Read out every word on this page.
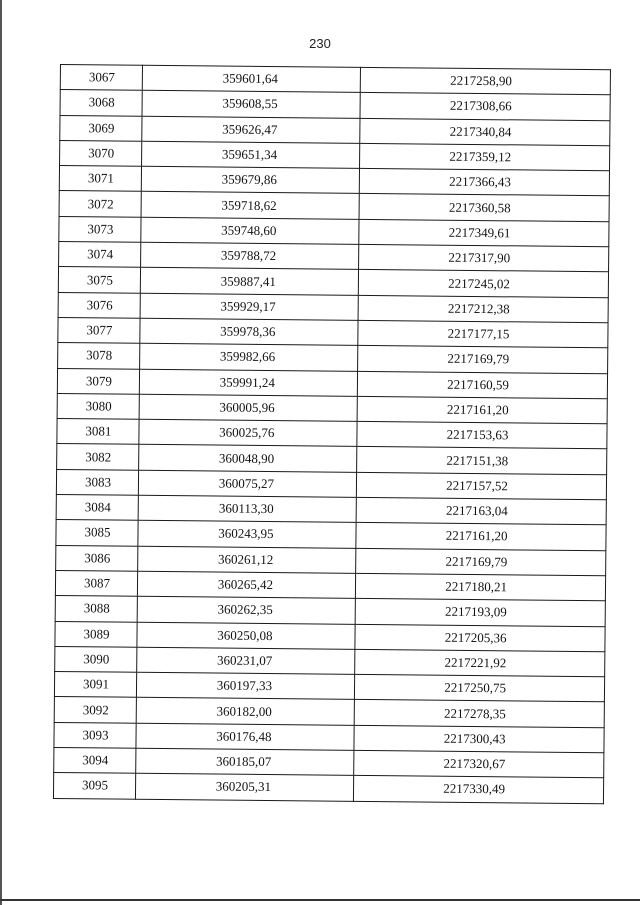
230
3067	359601,64	2217258,90
3068	359608,55	2217308,66
3069	359626,47	2217340,84
3070	359651,34	2217359,12
3071	359679,86	2217366,43
3072	359718,62	2217360,58
3073	359748,60	2217349,61
3074	359788,72	2217317,90
3075	359887,41	2217245,02
3076	359929,17	2217212,38
3077	359978,36	2217177,15
3078	359982,66	2217169,79
3079	359991,24	2217160,59
3080	360005,96	2217161,20
3081	360025,76	2217153,63
3082	360048,90	2217151,38
3083	360075,27	2217157,52
3084	360113,30	2217163,04
3085	360243,95	2217161,20
3086	360261,12	2217169,79
3087	360265,42	2217180,21
3088	360262,35	2217193,09
3089	360250,08	2217205,36
3090	360231,07	2217221,92
3091	360197,33	2217250,75
3092	360182,00	2217278,35
3093	360176,48	2217300,43
3094	360185,07	2217320,67
3095	360205,31	2217330,49
